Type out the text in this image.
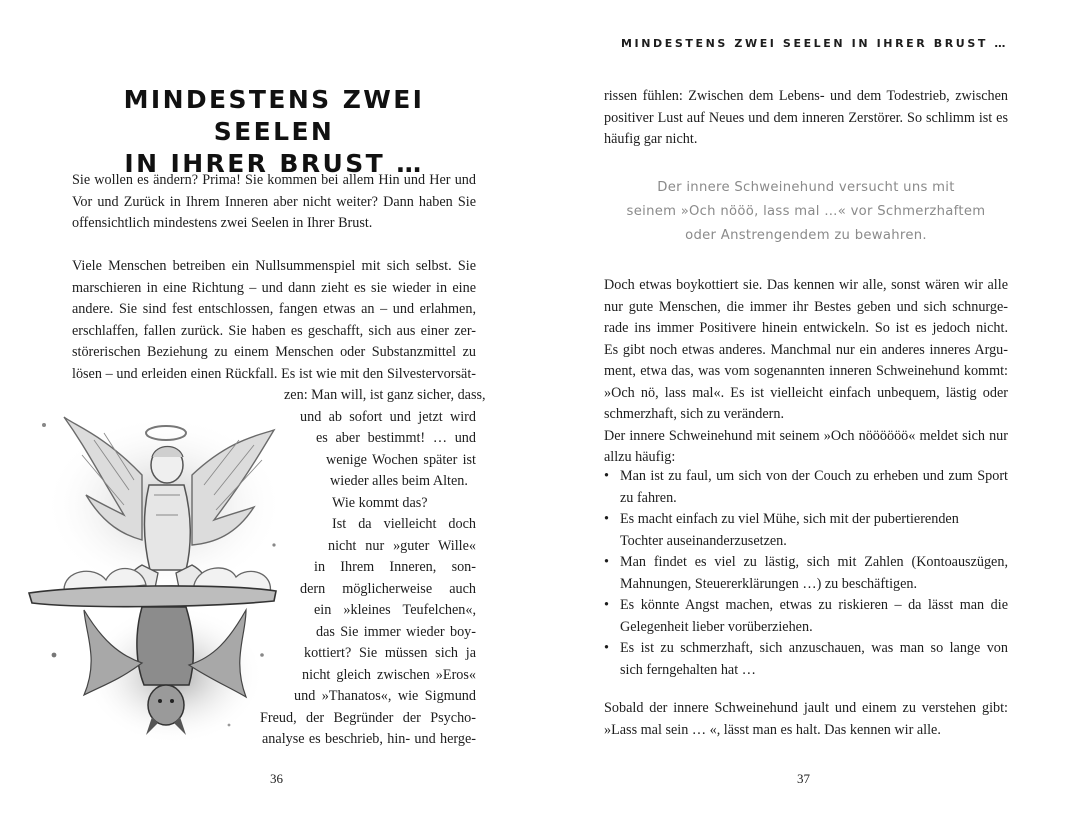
MINDESTENS ZWEI SEELEN
IN IHRER BRUST …
Sie wollen es ändern? Prima! Sie kommen bei allem Hin und Her und
Vor und Zurück in Ihrem Inneren aber nicht weiter? Dann haben Sie
offensichtlich mindestens zwei Seelen in Ihrer Brust.
Viele Menschen betreiben ein Nullsummenspiel mit sich selbst. Sie
marschieren in eine Richtung – und dann zieht es sie wieder in eine
andere. Sie sind fest entschlossen, fangen etwas an – und erlahmen,
erschlaffen, fallen zurück. Sie haben es geschafft, sich aus einer zer-
störerischen Beziehung zu einem Menschen oder Substanzmittel zu
lösen – und erleiden einen Rückfall. Es ist wie mit den Silvestervorsät-
zen: Man will, ist ganz sicher, dass,
und ab sofort und jetzt wird
es aber bestimmt! … und
wenige Wochen später ist
wieder alles beim Alten.
Wie kommt das?
Ist da vielleicht doch
nicht nur »guter Wille«
in Ihrem Inneren, son-
dern möglicherweise auch
ein »kleines Teufelchen«,
das Sie immer wieder boy-
kottiert? Sie müssen sich ja
nicht gleich zwischen »Eros«
und »Thanatos«, wie Sigmund
Freud, der Begründer der Psycho-
analyse es beschrieb, hin- und herge-
36
MINDESTENS ZWEI SEELEN IN IHRER BRUST …
rissen fühlen: Zwischen dem Lebens- und dem Todestrieb, zwischen
positiver Lust auf Neues und dem inneren Zerstörer. So schlimm ist es
häufig gar nicht.
Der innere Schweinehund versucht uns mit
seinem »Och nööö, lass mal …« vor Schmerzhaftem
oder Anstrengendem zu bewahren.
Doch etwas boykottiert sie. Das kennen wir alle, sonst wären wir alle
nur gute Menschen, die immer ihr Bestes geben und sich schnurge-
rade ins immer Positivere hinein entwickeln. So ist es jedoch nicht.
Es gibt noch etwas anderes. Manchmal nur ein anderes inneres Argu-
ment, etwa das, was vom sogenannten inneren Schweinehund kommt:
»Och nö, lass mal«. Es ist vielleicht einfach unbequem, lästig oder
schmerzhaft, sich zu verändern.
Der innere Schweinehund mit seinem »Och nöööööö« meldet sich nur
allzu häufig:
• Man ist zu faul, um sich von der Couch zu erheben und zum Sport
zu fahren.
• Es macht einfach zu viel Mühe, sich mit der pubertierenden
Tochter auseinanderzusetzen.
• Man findet es viel zu lästig, sich mit Zahlen (Kontoauszügen,
Mahnungen, Steuererklärungen …) zu beschäftigen.
• Es könnte Angst machen, etwas zu riskieren – da lässt man die
Gelegenheit lieber vorüberziehen.
• Es ist zu schmerzhaft, sich anzuschauen, was man so lange von
sich ferngehalten hat …
Sobald der innere Schweinehund jault und einem zu verstehen gibt:
»Lass mal sein … «, lässt man es halt. Das kennen wir alle.
37
